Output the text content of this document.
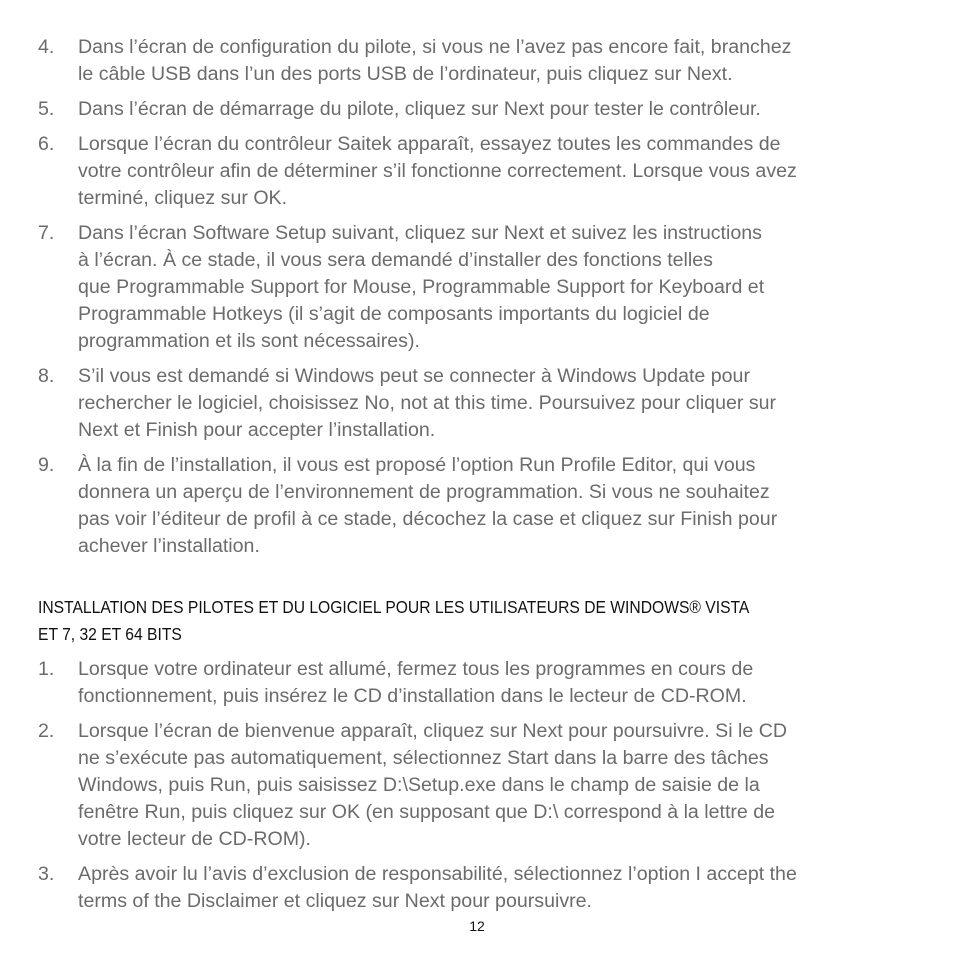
4.	Dans l’écran de configuration du pilote, si vous ne l’avez pas encore fait, branchez
le câble USB dans l’un des ports USB de l’ordinateur, puis cliquez sur Next.
5.	Dans l’écran de démarrage du pilote, cliquez sur Next pour tester le contrôleur.
6.	Lorsque l’écran du contrôleur Saitek apparaît, essayez toutes les commandes de
votre contrôleur afin de déterminer s’il fonctionne correctement. Lorsque vous avez
terminé, cliquez sur OK.
7.	Dans l’écran Software Setup suivant, cliquez sur Next et suivez les instructions
à l’écran. À ce stade, il vous sera demandé d’installer des fonctions telles
que Programmable Support for Mouse, Programmable Support for Keyboard et
Programmable Hotkeys (il s’agit de composants importants du logiciel de
programmation et ils sont nécessaires).
8.	S’il vous est demandé si Windows peut se connecter à Windows Update pour
rechercher le logiciel, choisissez No, not at this time. Poursuivez pour cliquer sur
Next et Finish pour accepter l’installation.
9.	À la fin de l’installation, il vous est proposé l’option Run Profile Editor, qui vous
donnera un aperçu de l’environnement de programmation. Si vous ne souhaitez
pas voir l’éditeur de profil à ce stade, décochez la case et cliquez sur Finish pour
achever l’installation.
INSTALLATION DES PILOTES ET DU LOGICIEL POUR LES UTILISATEURS DE WINDOWS® VISTA
ET 7, 32 ET 64 BITS
1.	Lorsque votre ordinateur est allumé, fermez tous les programmes en cours de
fonctionnement, puis insérez le CD d’installation dans le lecteur de CD-ROM.
2.	Lorsque l’écran de bienvenue apparaît, cliquez sur Next pour poursuivre. Si le CD
ne s’exécute pas automatiquement, sélectionnez Start dans la barre des tâches
Windows, puis Run, puis saisissez D:\Setup.exe dans le champ de saisie de la
fenêtre Run, puis cliquez sur OK (en supposant que D:\ correspond à la lettre de
votre lecteur de CD-ROM).
3.	Après avoir lu l’avis d’exclusion de responsabilité, sélectionnez l’option I accept the
terms of the Disclaimer et cliquez sur Next pour poursuivre.
12
